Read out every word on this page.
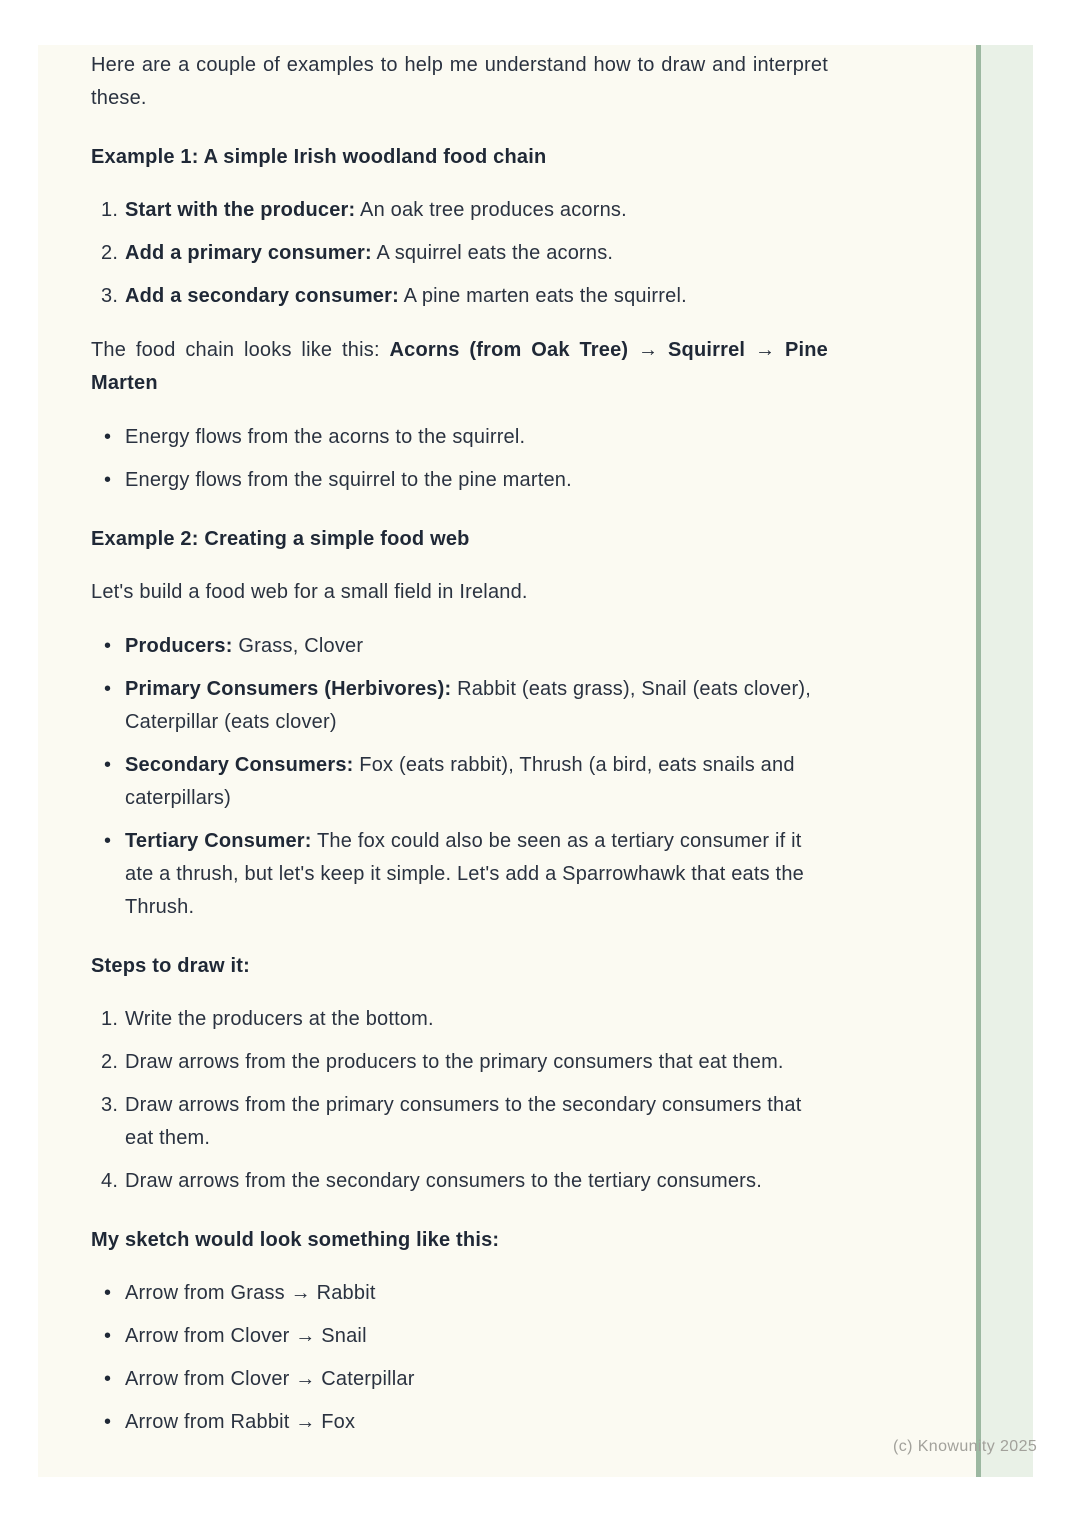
Here are a couple of examples to help me understand how to draw and interpret these.

Example 1: A simple Irish woodland food chain
Start with the producer: An oak tree produces acorns.
Add a primary consumer: A squirrel eats the acorns.
Add a secondary consumer: A pine marten eats the squirrel.

The food chain looks like this: Acorns (from Oak Tree) → Squirrel → Pine Marten

• Energy flows from the acorns to the squirrel.
• Energy flows from the squirrel to the pine marten.
Example 2: Creating a simple food web

Let's build a food web for a small field in Ireland.

• Producers: Grass, Clover
• Primary Consumers (Herbivores): Rabbit (eats grass), Snail (eats clover), Caterpillar (eats clover)
• Secondary Consumers: Fox (eats rabbit), Thrush (a bird, eats snails and caterpillars)
• Tertiary Consumer: The fox could also be seen as a tertiary consumer if it ate a thrush, but let's keep it simple. Let's add a Sparrowhawk that eats the Thrush.
Steps to draw it:
Write the producers at the bottom.
Draw arrows from the producers to the primary consumers that eat them.
Draw arrows from the primary consumers to the secondary consumers that eat them.
Draw arrows from the secondary consumers to the tertiary consumers.
My sketch would look something like this:
• Arrow from Grass → Rabbit
• Arrow from Clover → Snail
• Arrow from Clover → Caterpillar
• Arrow from Rabbit → Fox
(c) Knowunity 2025
